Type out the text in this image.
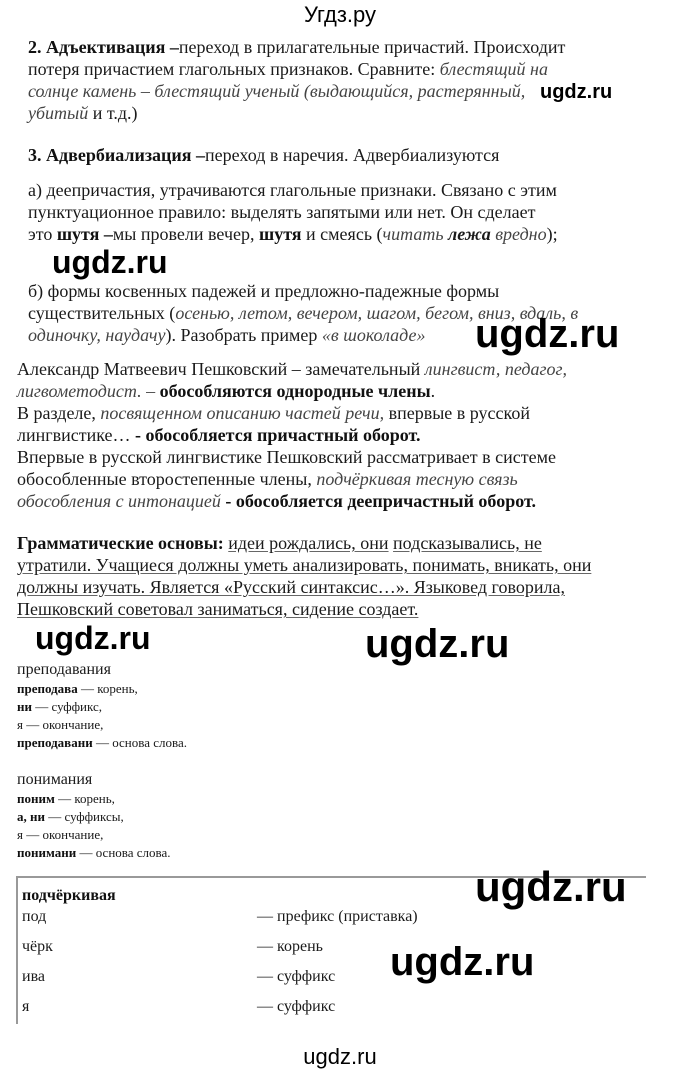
Угдз.ру
2. Адъективация –переход в прилагательные причастий. Происходит
потеря причастием глагольных признаков. Сравните: блестящий на
солнце камень – блестящий ученый (выдающийся, растерянный,
убитый и т.д.)
3. Адвербиализация –переход в наречия. Адвербиализуются
а) деепричастия, утрачиваются глагольные признаки. Связано с этим
пунктуационное правило: выделять запятыми или нет. Он сделает
это шутя –мы провели вечер, шутя и смеясь (читать лежа вредно);
б) формы косвенных падежей и предложно-падежные формы
существительных (осенью, летом, вечером, шагом, бегом, вниз, вдаль, в
одиночку, наудачу). Разобрать пример «в шоколаде»
Александр Матвеевич Пешковский – замечательный лингвист, педагог,
лигвометодист. – обособляются однородные члены.
В разделе, посвященном описанию частей речи, впервые в русской
лингвистике… - обособляется причастный оборот.
Впервые в русской лингвистике Пешковский рассматривает в системе
обособленные второстепенные члены, подчёркивая тесную связь
обособления с интонацией - обособляется деепричастный оборот.
Грамматические основы: идеи рождались, они подсказывались, не
утратили. Учащиеся должны уметь анализировать, понимать, вникать, они
должны изучать. Является «Русский синтаксис…». Языковед говорила,
Пешковский советовал заниматься, сидение создает.
преподавания
преподава — корень,
ни — суффикс,
я — окончание,
преподавани — основа слова.
понимания
поним — корень,
а, ни — суффиксы,
я — окончание,
понимани — основа слова.
подчёркивая
под	— префикс (приставка)
чёрк	— корень
ива	— суффикс
я	— суффикс
ugdz.ru
ugdz.ru
ugdz.ru
ugdz.ru	ugdz.ru
ugdz.ru
ugdz.ru
ugdz.ru
